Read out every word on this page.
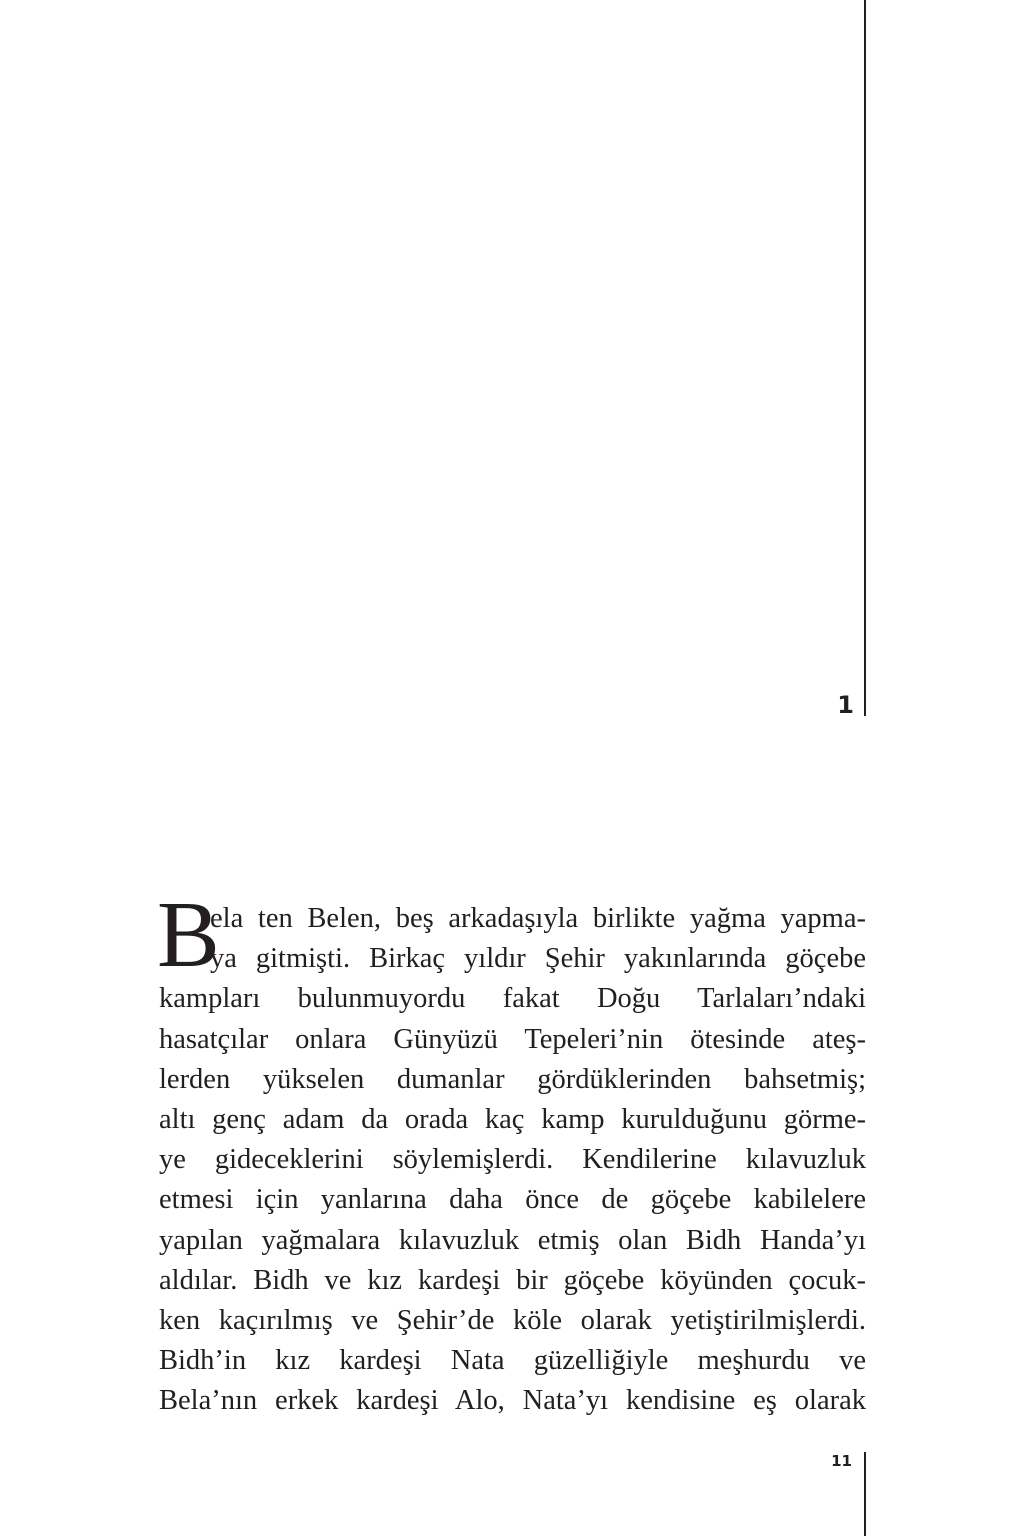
1
B
ela ten Belen, beş arkadaşıyla birlikte yağma yapma-
ya gitmişti. Birkaç yıldır Şehir yakınlarında göçebe
kampları bulunmuyordu fakat Doğu Tarlaları’ndaki
hasatçılar onlara Günyüzü Tepeleri’nin ötesinde ateş-
lerden yükselen dumanlar gördüklerinden bahsetmiş;
altı genç adam da orada kaç kamp kurulduğunu görme-
ye gideceklerini söylemişlerdi. Kendilerine kılavuzluk
etmesi için yanlarına daha önce de göçebe kabilelere
yapılan yağmalara kılavuzluk etmiş olan Bidh Handa’yı
aldılar. Bidh ve kız kardeşi bir göçebe köyünden çocuk-
ken kaçırılmış ve Şehir’de köle olarak yetiştirilmişlerdi.
Bidh’in kız kardeşi Nata güzelliğiyle meşhurdu ve
Bela’nın erkek kardeşi Alo, Nata’yı kendisine eş olarak
11
